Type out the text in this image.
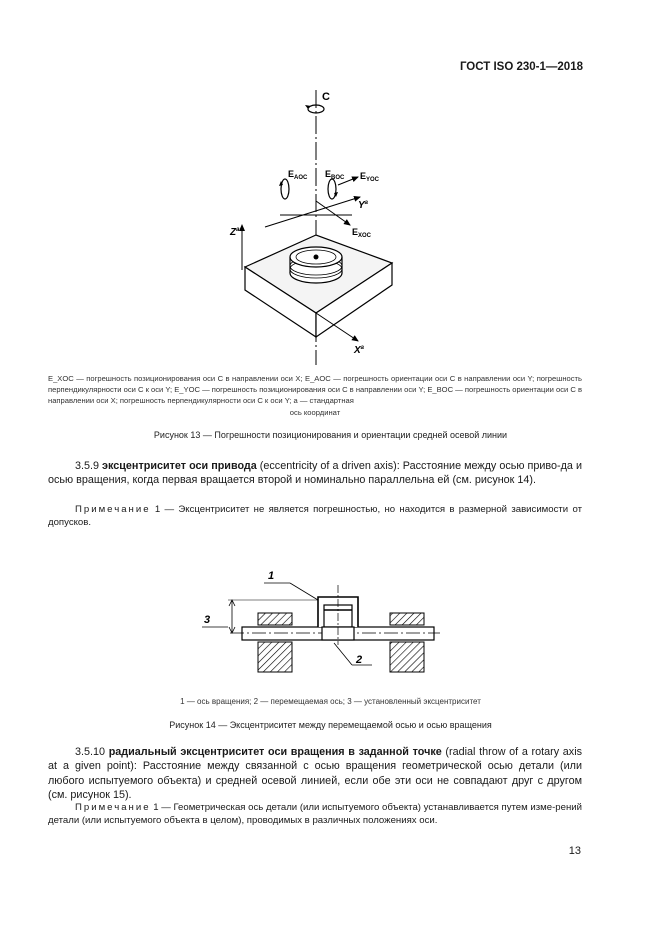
ГОСТ ISO 230-1—2018
C
$E_{AOC}$ $E_{BOC}$ $E_{YOC}$
$Y^а$
$E_{XOC}$
$Z^а$
$X^а$
E_XOC — погрешность позиционирования оси C в направлении оси X; E_AOC — погрешность ориентации оси C в направлении оси Y; погрешность перпендикулярности оси C к оси Y; E_YOC — погрешность позиционирования оси C в направлении оси Y; E_BOC — погрешность ориентации оси C в направлении оси X; погрешность перпендикулярности оси C к оси Y; а — стандартная
ось координат
Рисунок 13 — Погрешности позиционирования и ориентации средней осевой линии
3.5.9 эксцентриситет оси привода (eccentricity of a driven axis): Расстояние между осью приво-да и осью вращения, когда первая вращается второй и номинально параллельна ей (см. рисунок 14).
Примечание 1 — Эксцентриситет не является погрешностью, но находится в размерной зависимости от допусков.
1
3
2
1 — ось вращения; 2 — перемещаемая ось; 3 — установленный эксцентриситет
Рисунок 14 — Эксцентриситет между перемещаемой осью и осью вращения
3.5.10 радиальный эксцентриситет оси вращения в заданной точке (radial throw of a rotary axis at a given point): Расстояние между связанной с осью вращения геометрической осью детали (или любого испытуемого объекта) и средней осевой линией, если обе эти оси не совпадают друг с другом (см. рисунок 15).
Примечание 1 — Геометрическая ось детали (или испытуемого объекта) устанавливается путем изме-рений детали (или испытуемого объекта в целом), проводимых в различных положениях оси.
13
